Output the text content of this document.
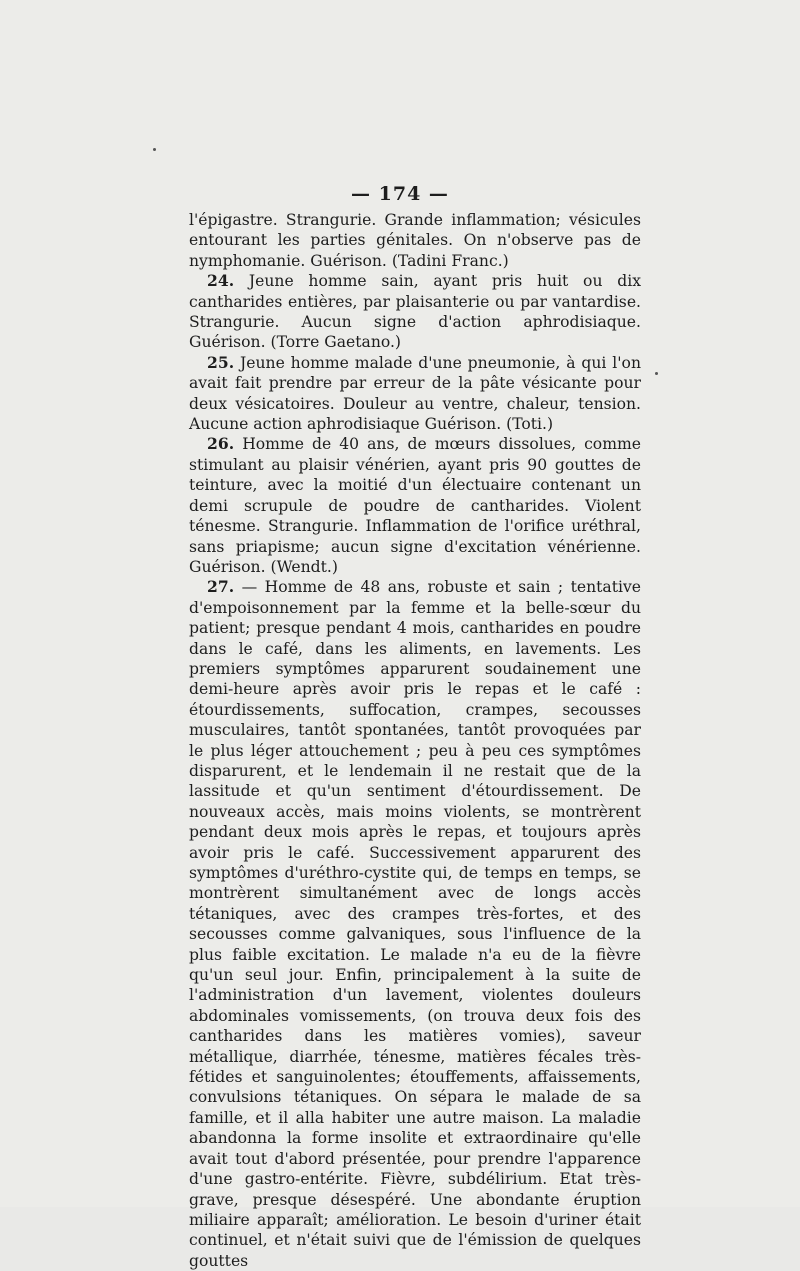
— 174 —

l'épigastre. Strangurie. Grande inflammation; vésicules entourant les parties génitales. On n'observe pas de nymphomanie. Guérison. (Tadini Franc.)

24. Jeune homme sain, ayant pris huit ou dix cantharides entières, par plaisanterie ou par vantardise. Strangurie. Aucun signe d'action aphrodisiaque. Guérison. (Torre Gaetano.)

25. Jeune homme malade d'une pneumonie, à qui l'on avait fait prendre par erreur de la pâte vésicante pour deux vésicatoires. Douleur au ventre, chaleur, tension. Aucune action aphrodisiaque Guérison. (Toti.)

26. Homme de 40 ans, de mœurs dissolues, comme stimulant au plaisir vénérien, ayant pris 90 gouttes de teinture, avec la moitié d'un électuaire contenant un demi scrupule de poudre de cantharides. Violent ténesme. Strangurie. Inflammation de l'orifice uréthral, sans priapisme; aucun signe d'excitation vénérienne. Guérison. (Wendt.)

27. — Homme de 48 ans, robuste et sain ; tentative d'empoisonnement par la femme et la belle-sœur du patient; presque pendant 4 mois, cantharides en poudre dans le café, dans les aliments, en lavements. Les premiers symptômes apparurent soudainement une demi-heure après avoir pris le repas et le café : étourdissements, suffocation, crampes, secousses musculaires, tantôt spontanées, tantôt provoquées par le plus léger attouchement ; peu à peu ces symptômes disparurent, et le lendemain il ne restait que de la lassitude et qu'un sentiment d'étourdissement. De nouveaux accès, mais moins violents, se montrèrent pendant deux mois après le repas, et toujours après avoir pris le café. Successivement apparurent des symptômes d'uréthro-cystite qui, de temps en temps, se montrèrent simultanément avec de longs accès tétaniques, avec des crampes très-fortes, et des secousses comme galvaniques, sous l'influence de la plus faible excitation. Le malade n'a eu de la fièvre qu'un seul jour. Enfin, principalement à la suite de l'administration d'un lavement, violentes douleurs abdominales vomissements, (on trouva deux fois des cantharides dans les matières vomies), saveur métallique, diarrhée, ténesme, matières fécales très-fétides et sanguinolentes; étouffements, affaissements, convulsions tétaniques. On sépara le malade de sa famille, et il alla habiter une autre maison. La maladie abandonna la forme insolite et extraordinaire qu'elle avait tout d'abord présentée, pour prendre l'apparence d'une gastro-entérite. Fièvre, subdélirium. Etat très-grave, presque désespéré. Une abondante éruption miliaire apparaît; amélioration. Le besoin d'uriner était continuel, et n'était suivi que de l'émission de quelques gouttes
